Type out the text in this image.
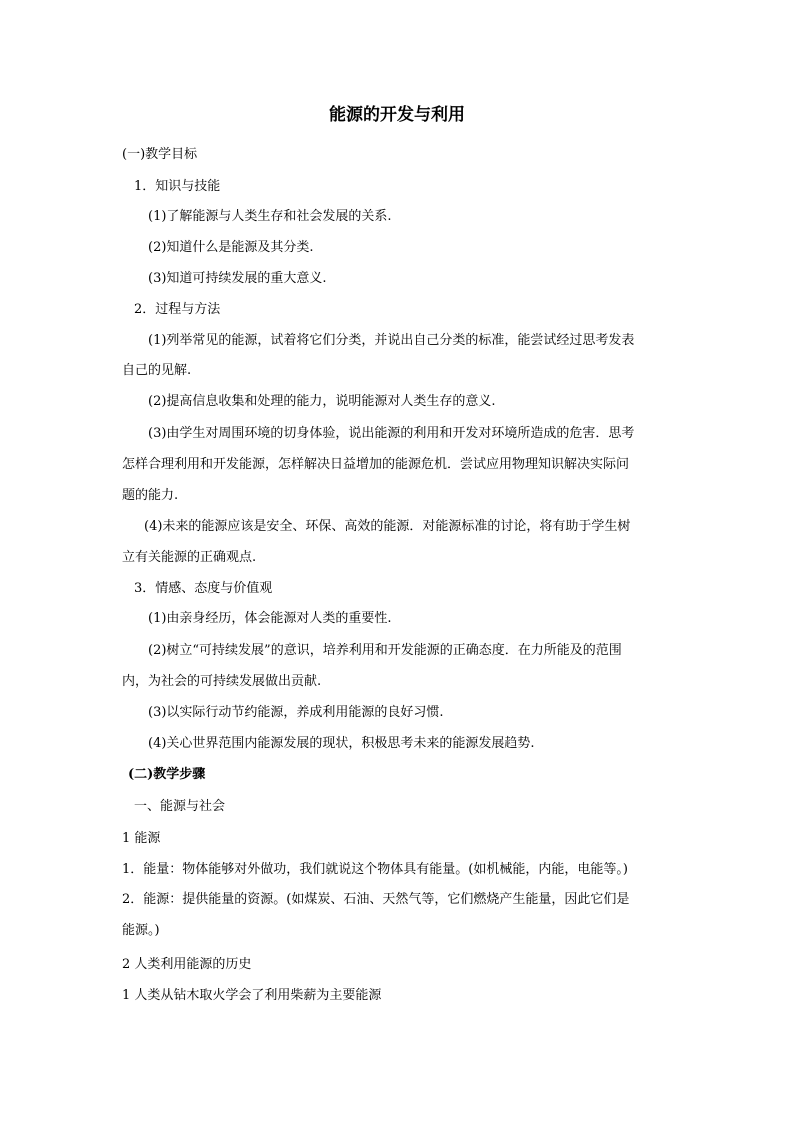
能源的开发与利用
(一)教学目标
1．知识与技能
(1)了解能源与人类生存和社会发展的关系.
(2)知道什么是能源及其分类.
(3)知道可持续发展的重大意义.
2．过程与方法
(1)列举常见的能源，试着将它们分类，并说出自己分类的标准，能尝试经过思考发表
自己的见解.
(2)提高信息收集和处理的能力，说明能源对人类生存的意义.
(3)由学生对周围环境的切身体验，说出能源的利用和开发对环境所造成的危害．思考
怎样合理利用和开发能源，怎样解决日益增加的能源危机．尝试应用物理知识解决实际问
题的能力.
(4)未来的能源应该是安全、环保、高效的能源．对能源标准的讨论，将有助于学生树
立有关能源的正确观点.
3．情感、态度与价值观
(1)由亲身经历，体会能源对人类的重要性.
(2)树立“可持续发展”的意识，培养利用和开发能源的正确态度．在力所能及的范围
内，为社会的可持续发展做出贡献.
(3)以实际行动节约能源，养成利用能源的良好习惯.
(4)关心世界范围内能源发展的现状，积极思考未来的能源发展趋势.
(二)教学步骤
一、能源与社会
1 能源
1．能量：物体能够对外做功，我们就说这个物体具有能量。(如机械能，内能，电能等。)
2．能源：提供能量的资源。(如煤炭、石油、天然气等，它们燃烧产生能量，因此它们是
能源。)
2 人类利用能源的历史
1 人类从钻木取火学会了利用柴薪为主要能源
